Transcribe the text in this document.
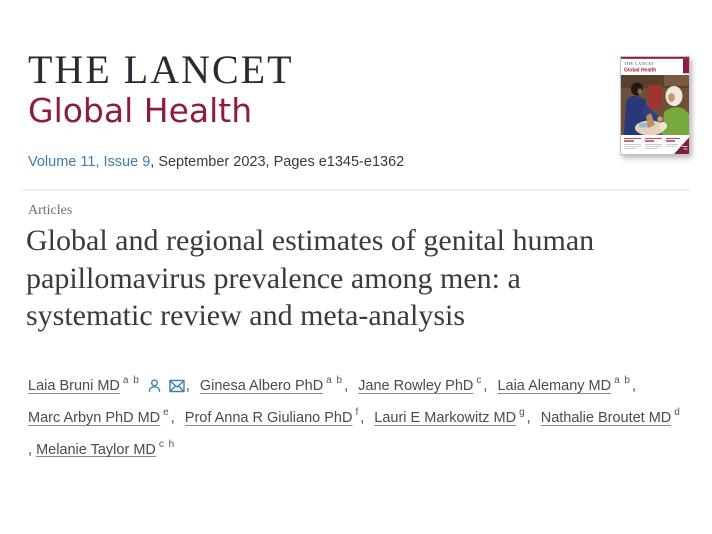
THE LANCET
Global Health
THE LANCET
Global Health
Volume 11, Issue 9, September 2023, Pages e1345-e1362
Articles
Global and regional estimates of genital human
papillomavirus prevalence among men: a
systematic review and meta-analysis
Laia Bruni MD $^{a b}$	, Ginesa Albero PhD $^{a b}$, Jane Rowley PhD $^c$, Laia Alemany MD $^{a b}$, Marc Arbyn PhD MD $^e$, Prof Anna R Giuliano PhD $^f$, Lauri E Markowitz MD $^g$, Nathalie Broutet MD $^d$ , Melanie Taylor MD $^{c h}$
